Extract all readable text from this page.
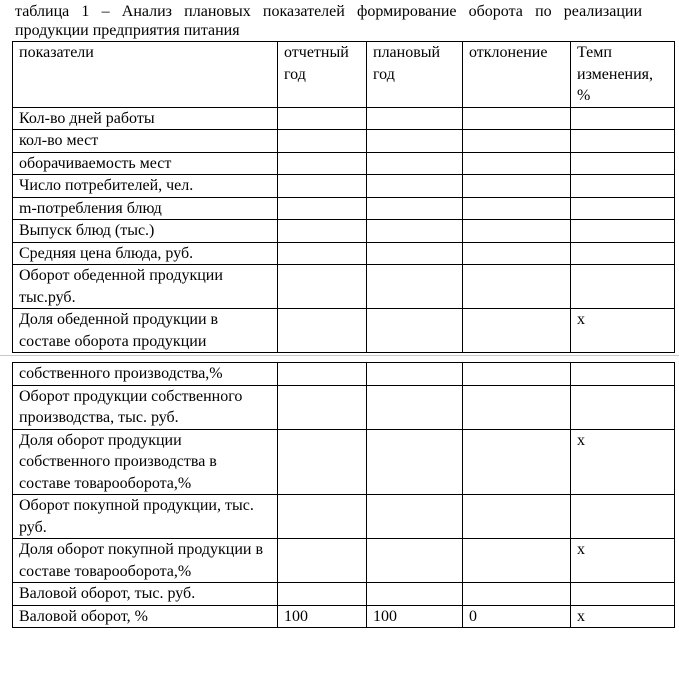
таблица 1 – Анализ плановых показателей формирование оборота по реализации продукции предприятия питания

показатели	отчетный год	плановый год	отклонение	Темп изменения, %
Кол-во дней работы				
кол-во мест				
оборачиваемость мест				
Число потребителей, чел.				
m-потребления блюд				
Выпуск блюд (тыс.)				
Средняя цена блюда, руб.				
Оборот обеденной продукции тыс.руб.				
Доля обеденной продукции в составе оборота продукции				x
собственного производства,%				
Оборот продукции собственного производства, тыс. руб.				
Доля оборот продукции собственного производства в составе товарооборота,%				x
Оборот покупной продукции, тыс. руб.				
Доля оборот покупной продукции в составе товарооборота,%				x
Валовой оборот, тыс. руб.				
Валовой оборот, %	100	100	0	x
